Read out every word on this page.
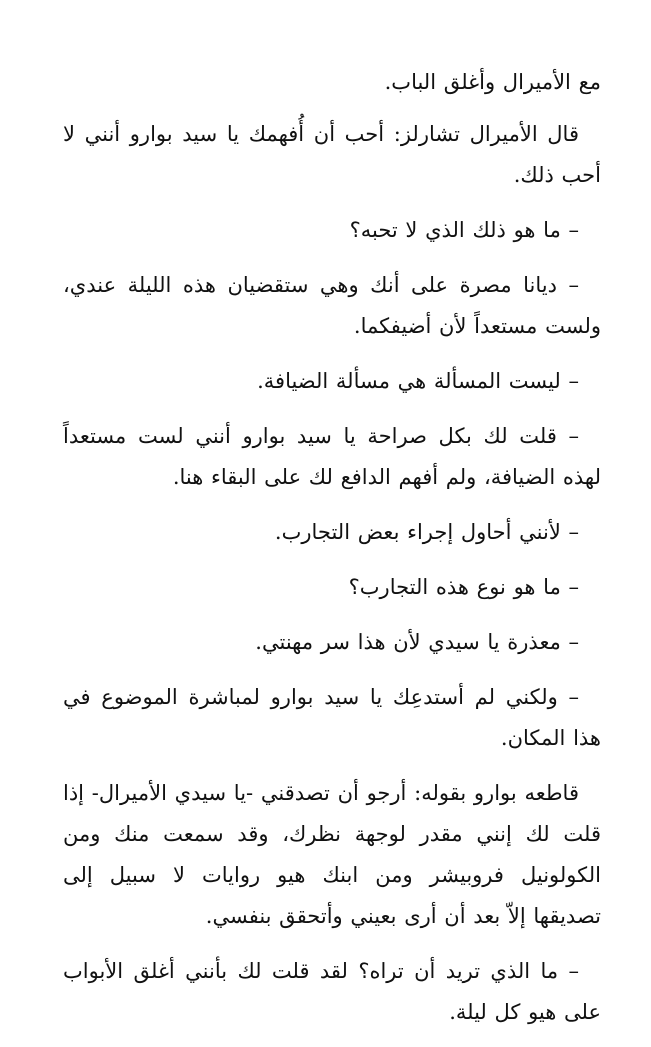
مع الأميرال وأغلق الباب.

قال الأميرال تشارلز: أحب أن أُفهمك يا سيد بوارو أنني لا أحب ذلك.

– ما هو ذلك الذي لا تحبه؟

– ديانا مصرة على أنك وهي ستقضيان هذه الليلة عندي، ولست مستعداً لأن أضيفكما.

– ليست المسألة هي مسألة الضيافة.

– قلت لك بكل صراحة يا سيد بوارو أنني لست مستعداً لهذه الضيافة، ولم أفهم الدافع لك على البقاء هنا.

– لأنني أحاول إجراء بعض التجارب.

– ما هو نوع هذه التجارب؟

– معذرة يا سيدي لأن هذا سر مهنتي.

– ولكني لم أستدعِك يا سيد بوارو لمباشرة الموضوع في هذا المكان.

قاطعه بوارو بقوله: أرجو أن تصدقني -يا سيدي الأميرال- إذا قلت لك إنني مقدر لوجهة نظرك، وقد سمعت منك ومن الكولونيل فروبيشر ومن ابنك هيو روايات لا سبيل إلى تصديقها إلاّ بعد أن أرى بعيني وأتحقق بنفسي.

– ما الذي تريد أن تراه؟ لقد قلت لك بأنني أغلق الأبواب على هيو كل ليلة.
